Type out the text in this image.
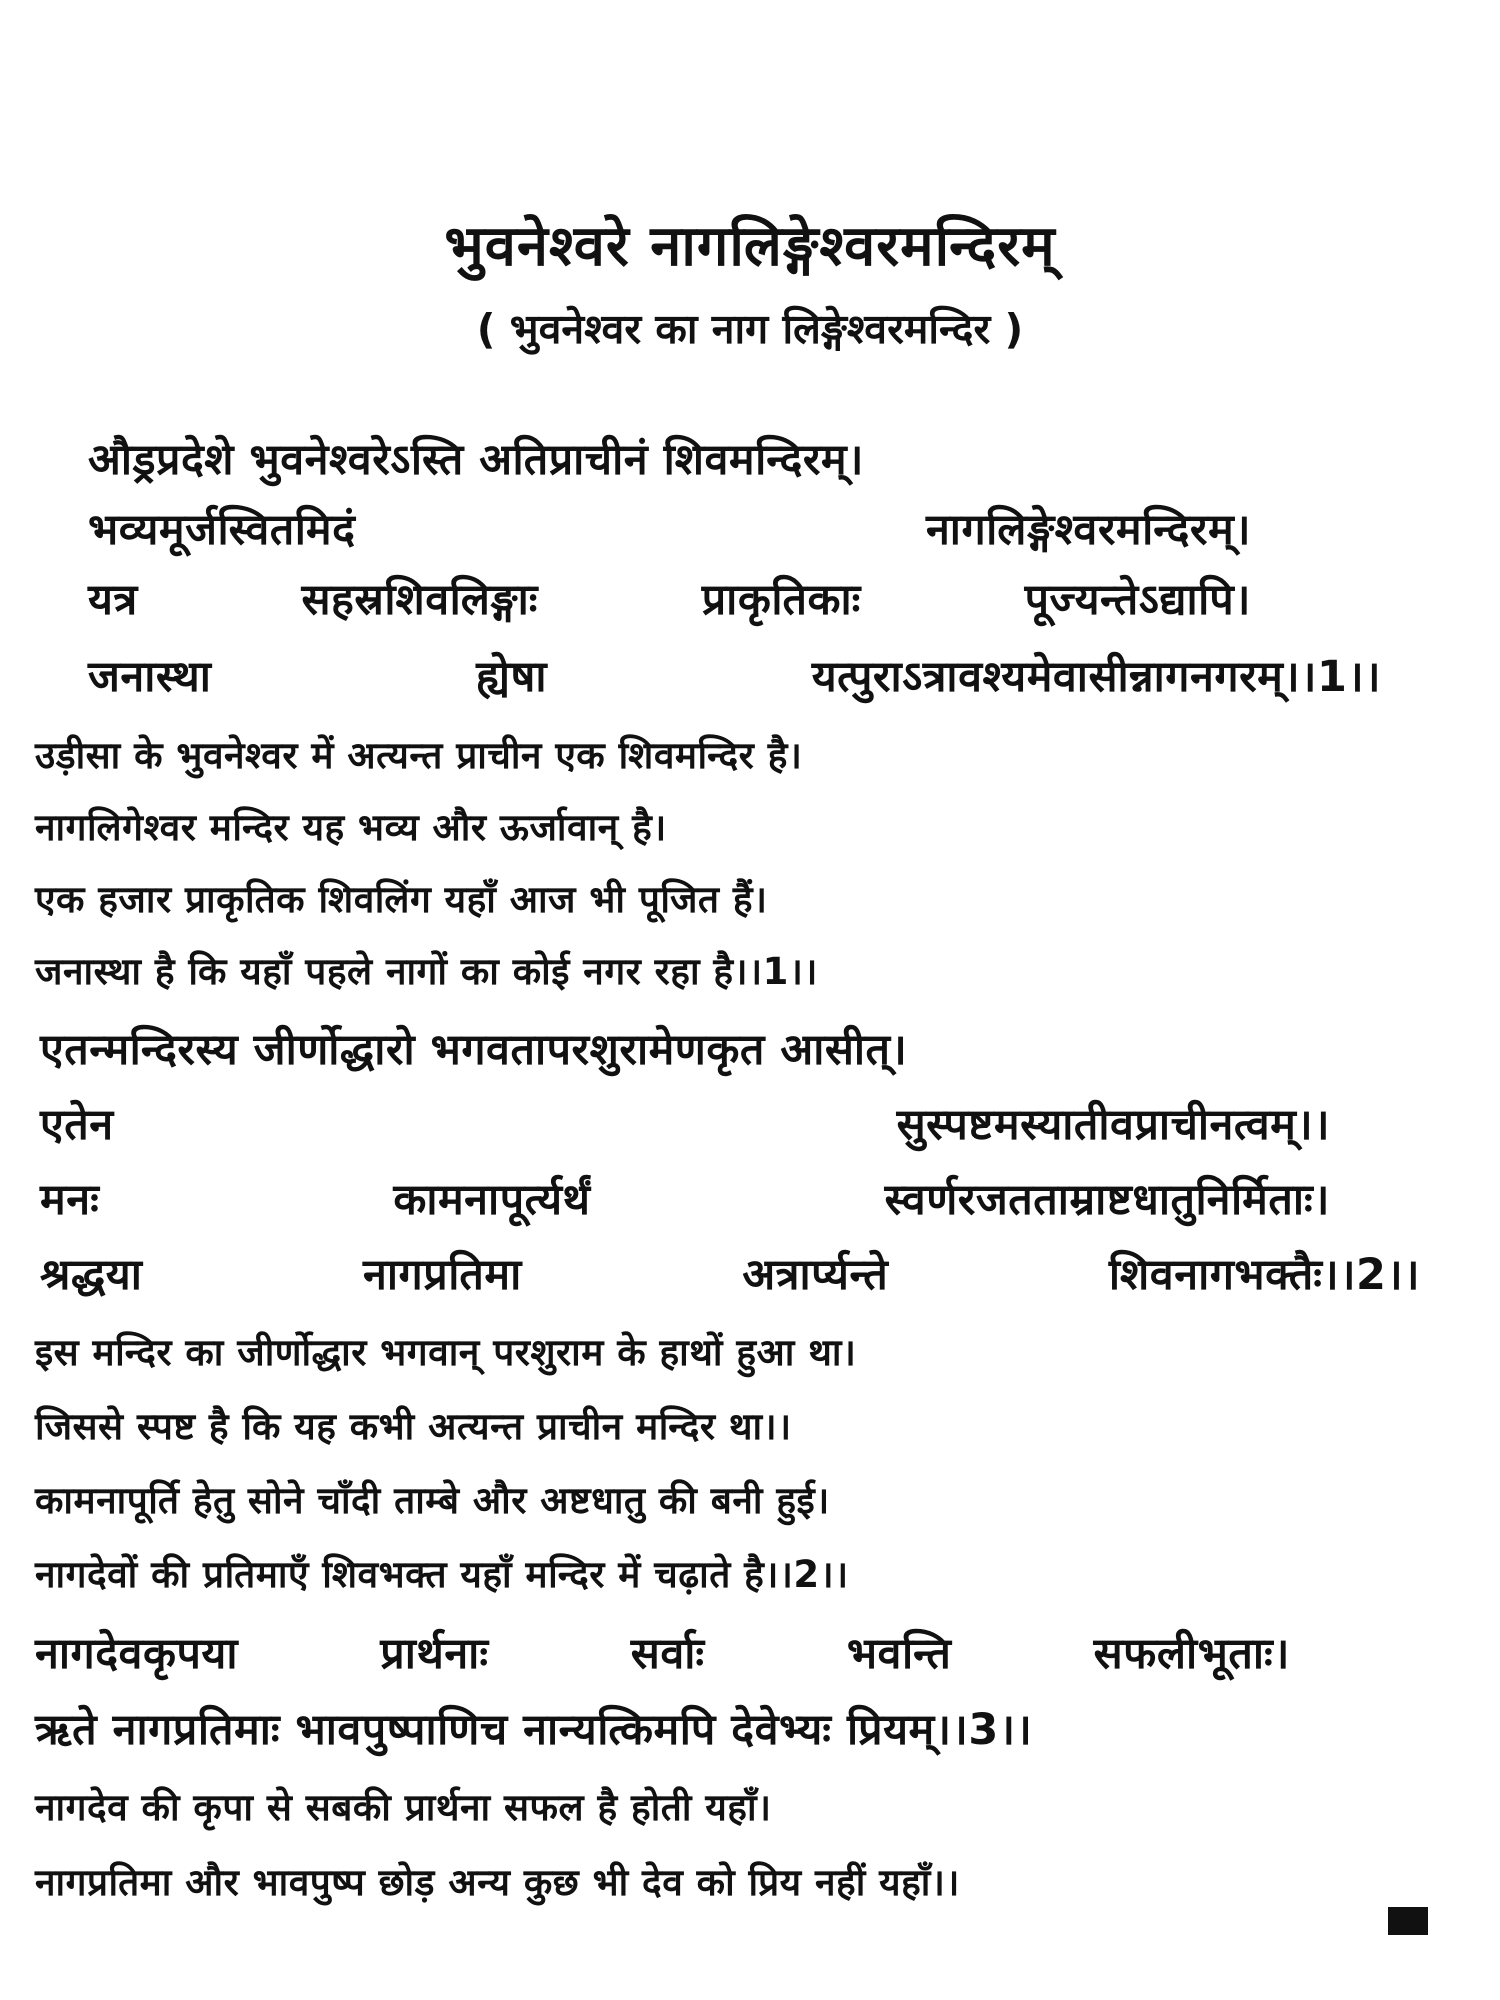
भुवनेश्वरे नागलिङ्गेश्वरमन्दिरम्
( भुवनेश्वर का नाग लिङ्गेश्वरमन्दिर )
औड्रप्रदेशे भुवनेश्वरेऽस्ति अतिप्राचीनं शिवमन्दिरम्।
भव्यमूर्जस्वितमिदं	नागलिङ्गेश्वरमन्दिरम्।
यत्र	सहस्रशिवलिङ्गाः	प्राकृतिकाः	पूज्यन्तेऽद्यापि।
जनास्था	ह्येषा	यत्पुराऽत्रावश्यमेवासीन्नागनगरम्।।1।।
उड़ीसा के भुवनेश्वर में अत्यन्त प्राचीन एक शिवमन्दिर है।
नागलिगेश्वर मन्दिर यह भव्य और ऊर्जावान् है।
एक हजार प्राकृतिक शिवलिंग यहाँ आज भी पूजित हैं।
जनास्था है कि यहाँ पहले नागों का कोई नगर रहा है।।1।।
एतन्मन्दिरस्य जीर्णोद्धारो भगवतापरशुरामेणकृत आसीत्।
एतेन	सुस्पष्टमस्यातीवप्राचीनत्वम्।।
मनः	कामनापूर्त्यर्थं	स्वर्णरजतताम्राष्टधातुनिर्मिताः।
श्रद्धया	नागप्रतिमा	अत्रार्प्यन्ते	शिवनागभक्तैः।।2।।
इस मन्दिर का जीर्णोद्धार भगवान् परशुराम के हाथों हुआ था।
जिससे स्पष्ट है कि यह कभी अत्यन्त प्राचीन मन्दिर था।।
कामनापूर्ति हेतु सोने चाँदी ताम्बे और अष्टधातु की बनी हुई।
नागदेवों की प्रतिमाएँ शिवभक्त यहाँ मन्दिर में चढ़ाते है।।2।।
नागदेवकृपया	प्रार्थनाः	सर्वाः	भवन्ति	सफलीभूताः।
ऋते नागप्रतिमाः भावपुष्पाणिच नान्यत्किमपि देवेभ्यः प्रियम्।।3।।
नागदेव की कृपा से सबकी प्रार्थना सफल है होती यहाँ।
नागप्रतिमा और भावपुष्प छोड़ अन्य कुछ भी देव को प्रिय नहीं यहाँ।।
